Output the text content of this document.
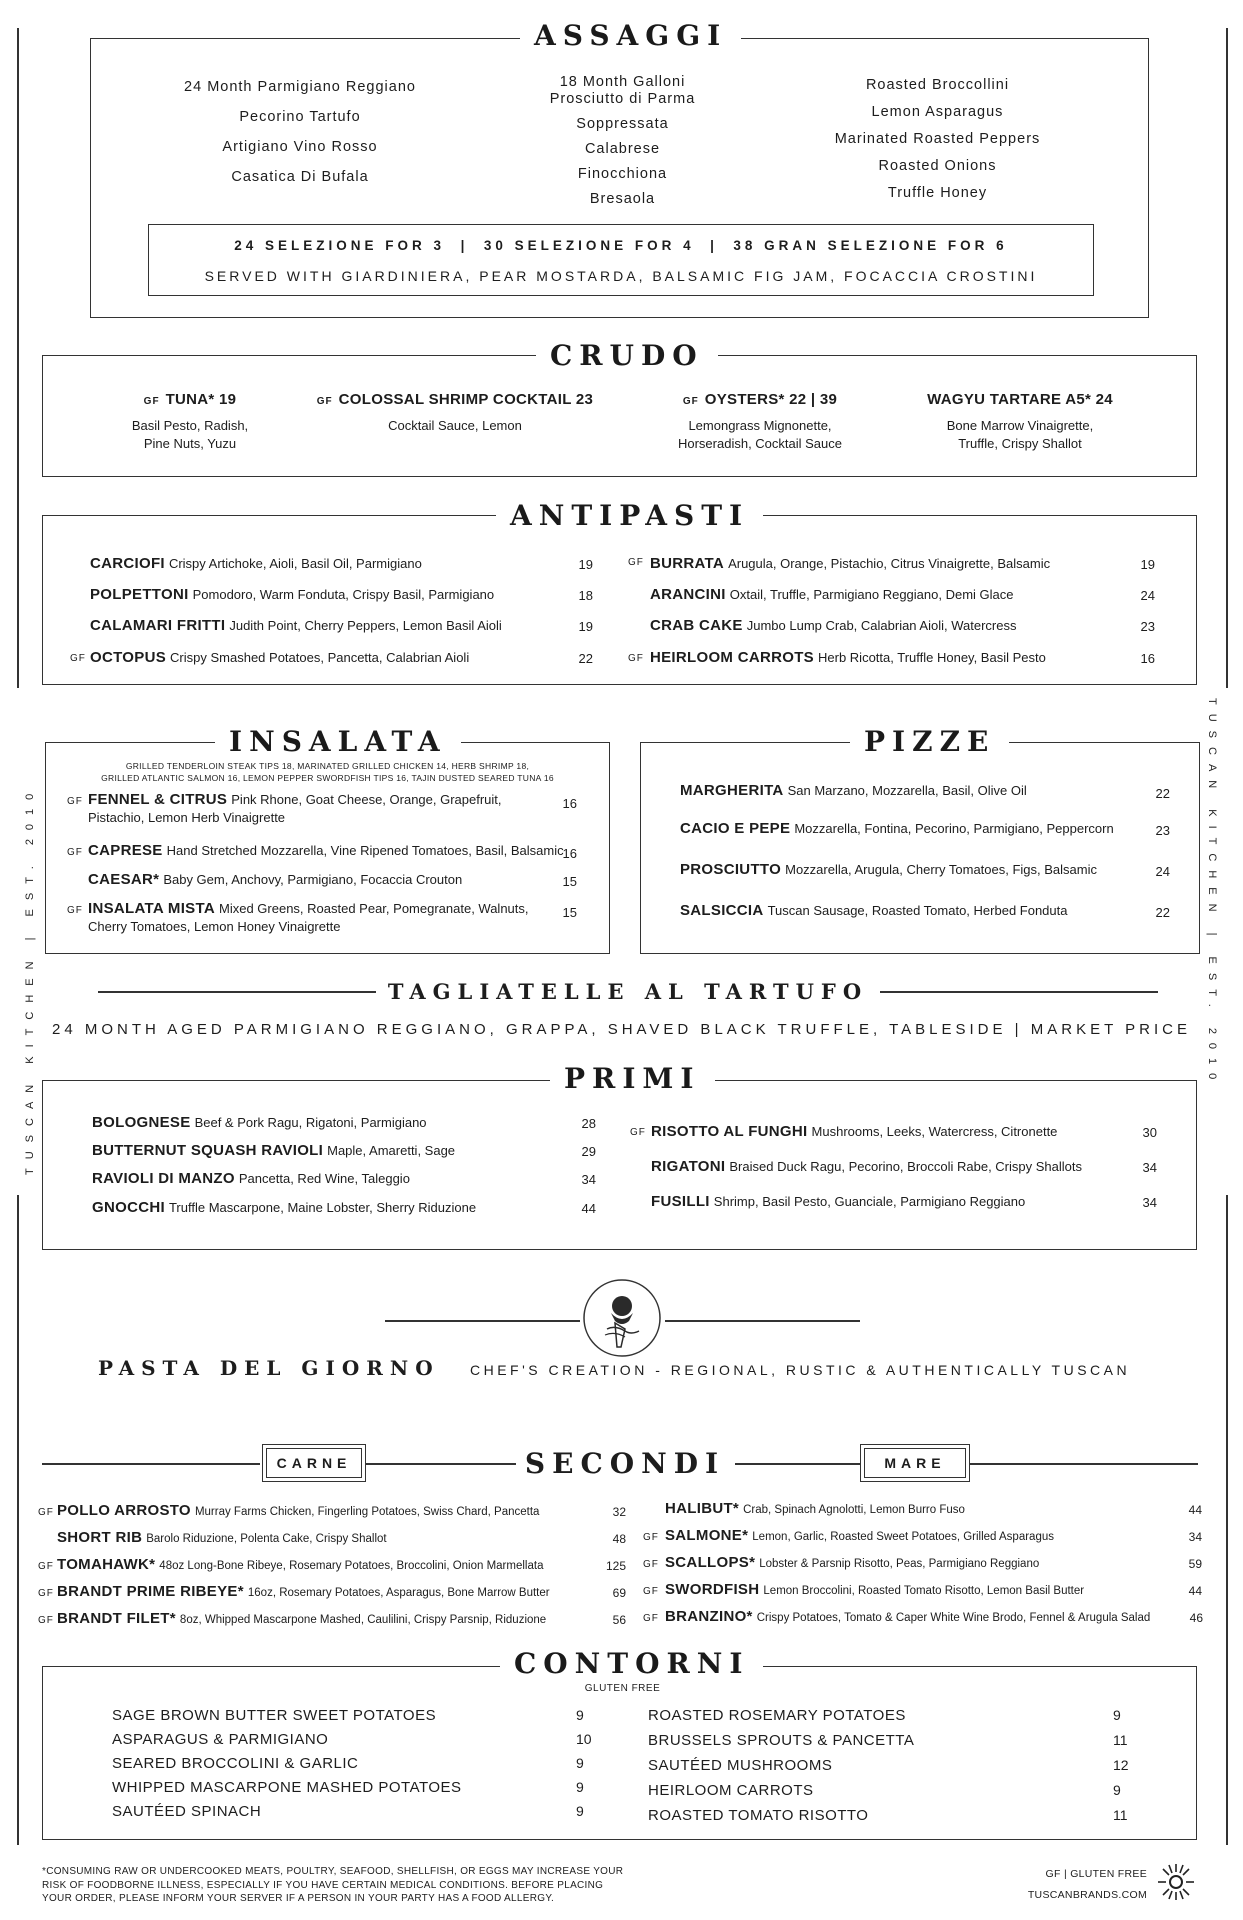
TUSCAN KITCHEN | EST. 2010	TUSCAN KITCHEN | EST. 2010
ASSAGGI
24 Month Parmigiano Reggiano
Pecorino Tartufo
Artigiano Vino Rosso
Casatica Di Bufala
18 Month Galloni Prosciutto di Parma
Soppressata
Calabrese
Finocchiona
Bresaola
Roasted Broccollini
Lemon Asparagus
Marinated Roasted Peppers
Roasted Onions
Truffle Honey
24 SELEZIONE FOR 3  |  30 SELEZIONE FOR 4  |  38 GRAN SELEZIONE FOR 6
SERVED WITH GIARDINIERA, PEAR MOSTARDA, BALSAMIC FIG JAM, FOCACCIA CROSTINI
CRUDO
GF TUNA* 19
Basil Pesto, Radish,
Pine Nuts, Yuzu
GF COLOSSAL SHRIMP COCKTAIL 23
Cocktail Sauce, Lemon
GF OYSTERS* 22 | 39
Lemongrass Mignonette,
Horseradish, Cocktail Sauce
WAGYU TARTARE A5* 24
Bone Marrow Vinaigrette,
Truffle, Crispy Shallot
ANTIPASTI
GF
CARCIOFI Crispy Artichoke, Aioli, Basil Oil, Parmigiano	19
POLPETTONI Pomodoro, Warm Fonduta, Crispy Basil, Parmigiano	18
CALAMARI FRITTI Judith Point, Cherry Peppers, Lemon Basil Aioli	19
OCTOPUS Crispy Smashed Potatoes, Pancetta, Calabrian Aioli	22
GF
GF
BURRATA Arugula, Orange, Pistachio, Citrus Vinaigrette, Balsamic	19
ARANCINI Oxtail, Truffle, Parmigiano Reggiano, Demi Glace	24
CRAB CAKE Jumbo Lump Crab, Calabrian Aioli, Watercress	23
HEIRLOOM CARROTS Herb Ricotta, Truffle Honey, Basil Pesto	16
INSALATA
GRILLED TENDERLOIN STEAK TIPS 18, MARINATED GRILLED CHICKEN 14, HERB SHRIMP 18,
GRILLED ATLANTIC SALMON 16, LEMON PEPPER SWORDFISH TIPS 16, TAJIN DUSTED SEARED TUNA 16
GF FENNEL & CITRUS Pink Rhone, Goat Cheese, Orange, Grapefruit,
Pistachio, Lemon Herb Vinaigrette
16
GF CAPRESE Hand Stretched Mozzarella, Vine Ripened Tomatoes, Basil, Balsamic
16
CAESAR* Baby Gem, Anchovy, Parmigiano, Focaccia Crouton	15
GF INSALATA MISTA Mixed Greens, Roasted Pear, Pomegranate, Walnuts,
Cherry Tomatoes, Lemon Honey Vinaigrette
15
PIZZE
MARGHERITA San Marzano, Mozzarella, Basil, Olive Oil	22
CACIO E PEPE Mozzarella, Fontina, Pecorino, Parmigiano, Peppercorn	23
PROSCIUTTO Mozzarella, Arugula, Cherry Tomatoes, Figs, Balsamic	24
SALSICCIA Tuscan Sausage, Roasted Tomato, Herbed Fonduta	22
TAGLIATELLE AL TARTUFO
24 MONTH AGED PARMIGIANO REGGIANO, GRAPPA, SHAVED BLACK TRUFFLE, TABLESIDE | MARKET PRICE
PRIMI
BOLOGNESE Beef & Pork Ragu, Rigatoni, Parmigiano	28
BUTTERNUT SQUASH RAVIOLI Maple, Amaretti, Sage	29
RAVIOLI DI MANZO Pancetta, Red Wine, Taleggio	34
GNOCCHI Truffle Mascarpone, Maine Lobster, Sherry Riduzione	44
GF RISOTTO AL FUNGHI Mushrooms, Leeks, Watercress, Citronette	30
RIGATONI Braised Duck Ragu, Pecorino, Broccoli Rabe, Crispy Shallots	34
FUSILLI Shrimp, Basil Pesto, Guanciale, Parmigiano Reggiano	34
PASTA DEL GIORNO CHEF'S CREATION - REGIONAL, RUSTIC & AUTHENTICALLY TUSCAN
CARNE	SECONDI	MARE
GF POLLO ARROSTO Murray Farms Chicken, Fingerling Potatoes, Swiss Chard, Pancetta	32
SHORT RIB Barolo Riduzione, Polenta Cake, Crispy Shallot	48
GF TOMAHAWK* 48oz Long-Bone Ribeye, Rosemary Potatoes, Broccolini, Onion Marmellata	125
GF BRANDT PRIME RIBEYE* 16oz, Rosemary Potatoes, Asparagus, Bone Marrow Butter	69
GF BRANDT FILET* 8oz, Whipped Mascarpone Mashed, Caulilini, Crispy Parsnip, Riduzione	56
HALIBUT* Crab, Spinach Agnolotti, Lemon Burro Fuso	44
GF SALMONE* Lemon, Garlic, Roasted Sweet Potatoes, Grilled Asparagus	34
GF SCALLOPS* Lobster & Parsnip Risotto, Peas, Parmigiano Reggiano	59
GF SWORDFISH Lemon Broccolini, Roasted Tomato Risotto, Lemon Basil Butter	44
GF BRANZINO* Crispy Potatoes, Tomato & Caper White Wine Brodo, Fennel & Arugula Salad	46
CONTORNI
GLUTEN FREE
SAGE BROWN BUTTER SWEET POTATOES	9
ASPARAGUS & PARMIGIANO	10
SEARED BROCCOLINI & GARLIC	9
WHIPPED MASCARPONE MASHED POTATOES	9
SAUTÉED SPINACH	9
ROASTED ROSEMARY POTATOES	9
BRUSSELS SPROUTS & PANCETTA	11
SAUTÉED MUSHROOMS	12
HEIRLOOM CARROTS	9
ROASTED TOMATO RISOTTO	11
*CONSUMING RAW OR UNDERCOOKED MEATS, POULTRY, SEAFOOD, SHELLFISH, OR EGGS MAY INCREASE YOUR
RISK OF FOODBORNE ILLNESS, ESPECIALLY IF YOU HAVE CERTAIN MEDICAL CONDITIONS. BEFORE PLACING
YOUR ORDER, PLEASE INFORM YOUR SERVER IF A PERSON IN YOUR PARTY HAS A FOOD ALLERGY.
GF | GLUTEN FREE
TUSCANBRANDS.COM
